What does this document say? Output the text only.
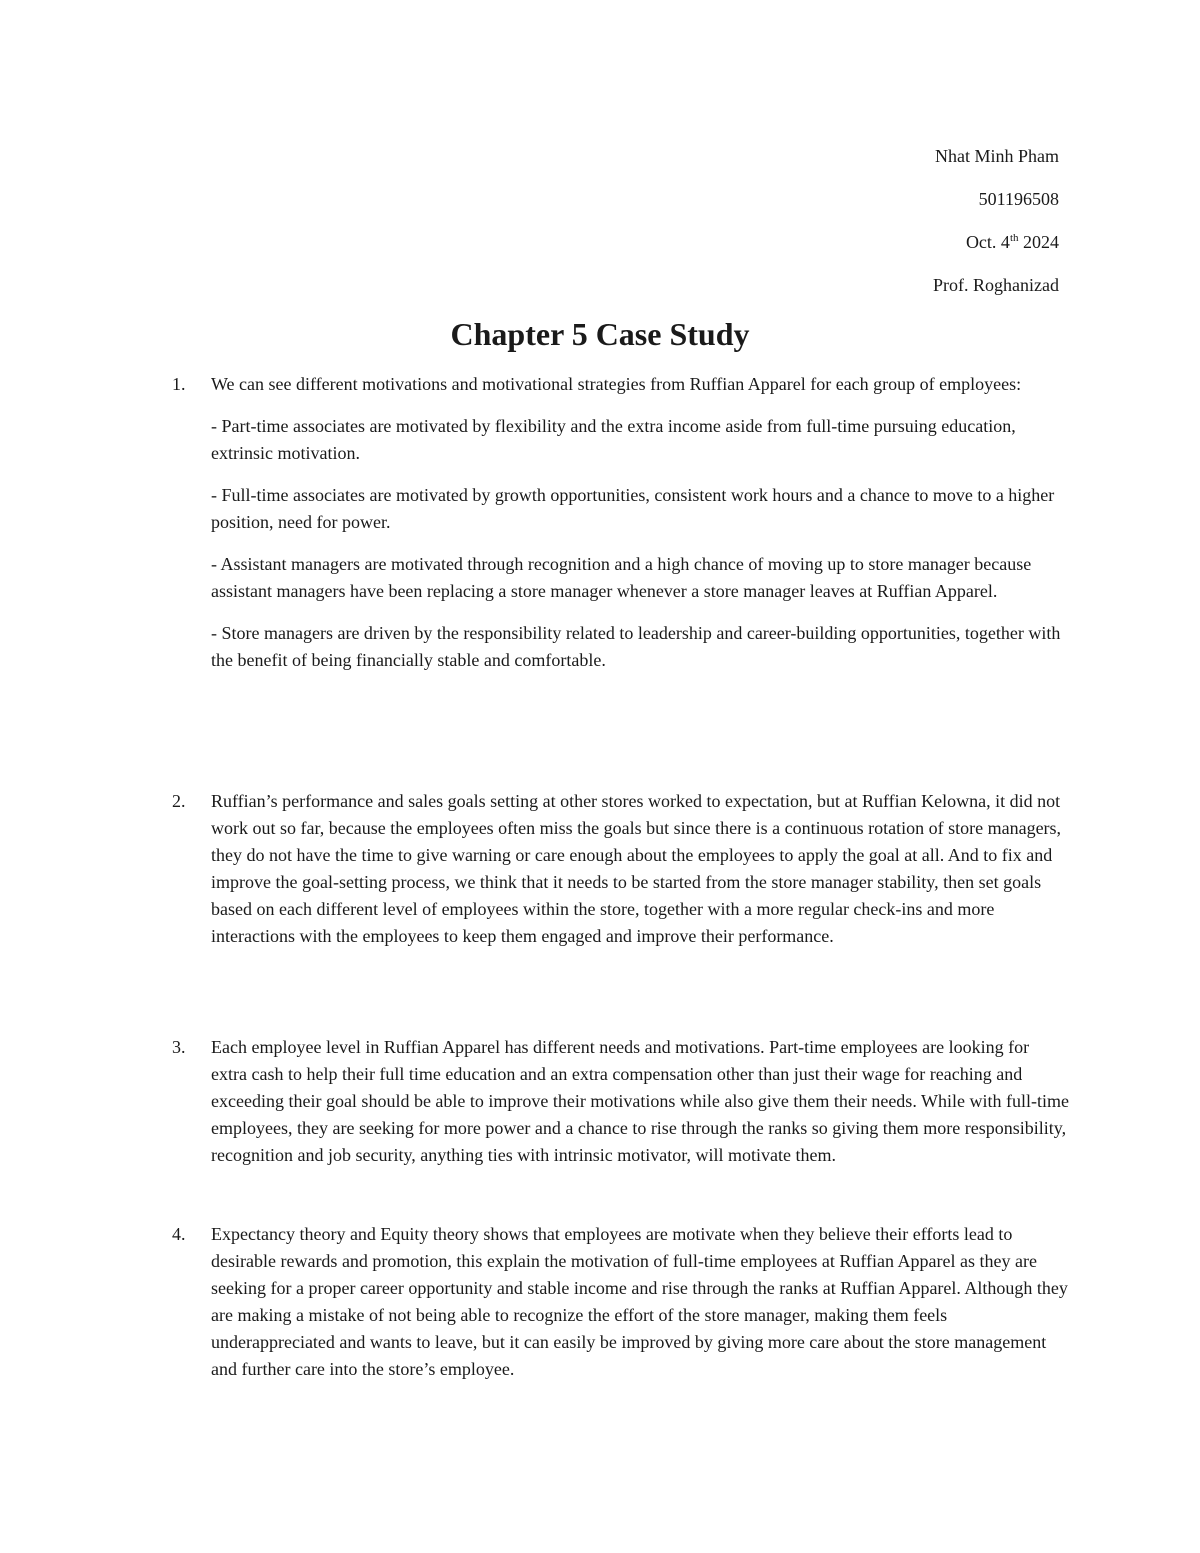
Nhat Minh Pham
501196508
Oct. 4th 2024
Prof. Roghanizad
Chapter 5 Case Study
1.	We can see different motivations and motivational strategies from Ruffian Apparel for each group of employees:

- Part-time associates are motivated by flexibility and the extra income aside from full-time pursuing education, extrinsic motivation.

- Full-time associates are motivated by growth opportunities, consistent work hours and a chance to move to a higher position, need for power.

- Assistant managers are motivated through recognition and a high chance of moving up to store manager because assistant managers have been replacing a store manager whenever a store manager leaves at Ruffian Apparel.

- Store managers are driven by the responsibility related to leadership and career-building opportunities, together with the benefit of being financially stable and comfortable.

2.	Ruffian’s performance and sales goals setting at other stores worked to expectation, but at Ruffian Kelowna, it did not work out so far, because the employees often miss the goals but since there is a continuous rotation of store managers, they do not have the time to give warning or care enough about the employees to apply the goal at all. And to fix and improve the goal-setting process, we think that it needs to be started from the store manager stability, then set goals based on each different level of employees within the store, together with a more regular check-ins and more interactions with the employees to keep them engaged and improve their performance.

3.	Each employee level in Ruffian Apparel has different needs and motivations. Part-time employees are looking for extra cash to help their full time education and an extra compensation other than just their wage for reaching and exceeding their goal should be able to improve their motivations while also give them their needs. While with full-time employees, they are seeking for more power and a chance to rise through the ranks so giving them more responsibility, recognition and job security, anything ties with intrinsic motivator, will motivate them.

4.	Expectancy theory and Equity theory shows that employees are motivate when they believe their efforts lead to desirable rewards and promotion, this explain the motivation of full-time employees at Ruffian Apparel as they are seeking for a proper career opportunity and stable income and rise through the ranks at Ruffian Apparel. Although they are making a mistake of not being able to recognize the effort of the store manager, making them feels underappreciated and wants to leave, but it can easily be improved by giving more care about the store management and further care into the store’s employee.
